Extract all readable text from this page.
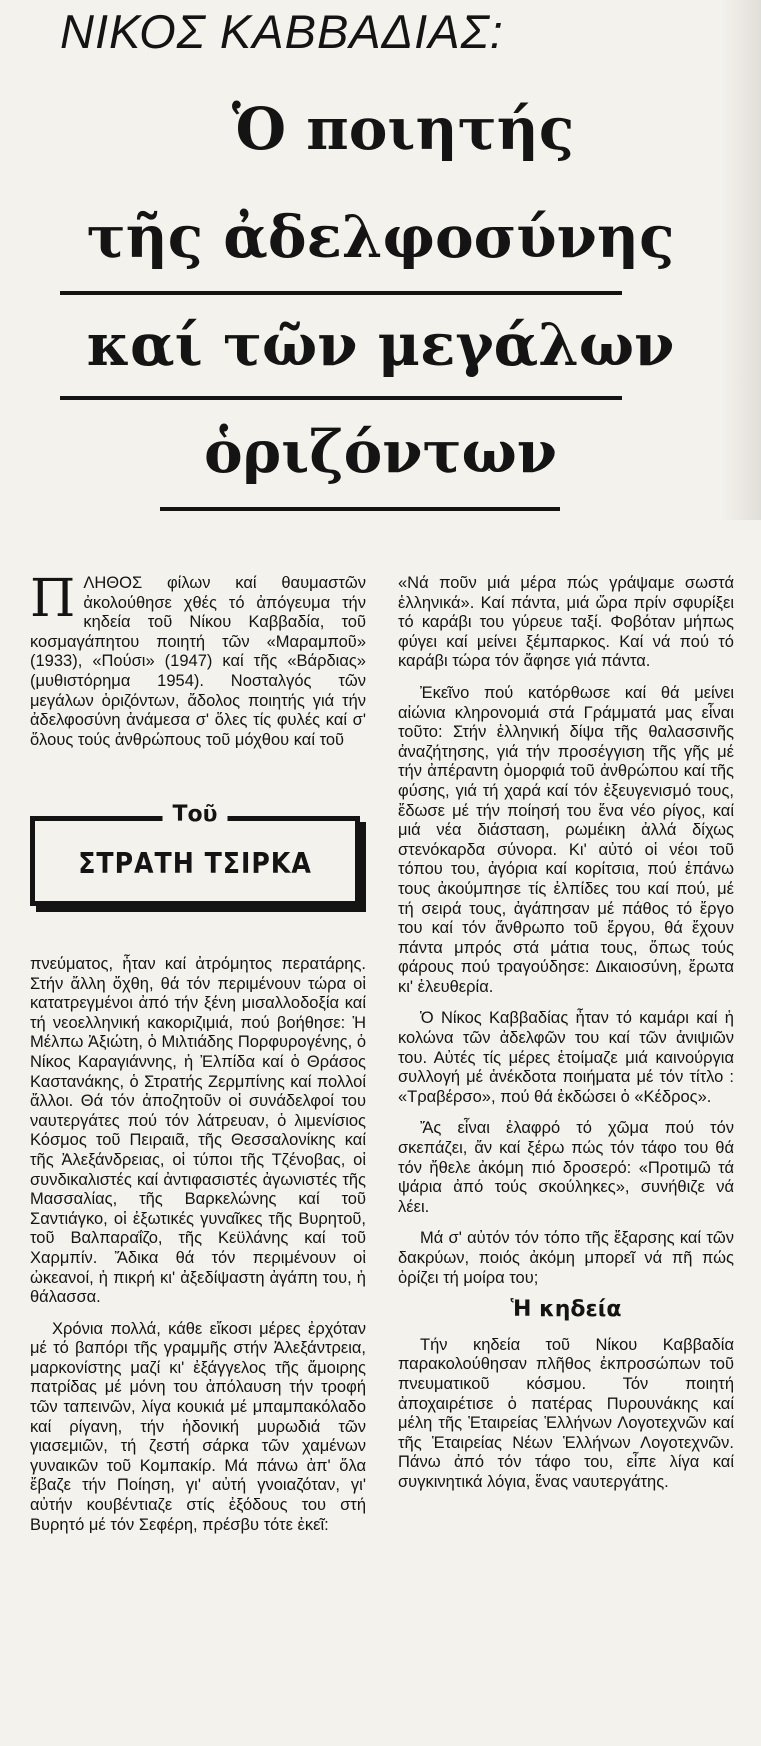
ΝΙΚΟΣ ΚΑΒΒΑΔΙΑΣ:
Ὁ ποιητής
τῆς ἀδελφοσύνης
καί τῶν μεγάλων
ὁριζόντων

ΠΛΗΘΟΣ φίλων καί θαυμαστῶν ἀκολούθησε χθές τό ἀπόγευμα τήν κηδεία τοῦ Νίκου Καββαδία, τοῦ κοσμαγάπητου ποιητή τῶν «Μαραμποῦ» (1933), «Πούσι» (1947) καί τῆς «Βάρδιας» (μυθιστόρημα 1954). Νοσταλγός τῶν μεγάλων ὁριζόντων, ἄδολος ποιητής γιά τήν ἀδελφοσύνη ἀνάμεσα σ' ὅλες τίς φυλές καί σ' ὅλους τούς ἀνθρώπους τοῦ μόχθου καί τοῦ

Τοῦ
ΣΤΡΑΤΗ ΤΣΙΡΚΑ

πνεύματος, ἦταν καί ἀτρόμητος περατάρης. Στήν ἄλλη ὄχθη, θά τόν περιμένουν τώρα οἱ κατατρεγμένοι ἀπό τήν ξένη μισαλλοδοξία καί τή νεοελληνική κακοριζιμιά, πού βοήθησε: Ἡ Μέλπω Ἀξιώτη, ὁ Μιλτιάδης Πορφυρογένης, ὁ Νίκος Καραγιάννης, ἡ Ἐλπίδα καί ὁ Θράσος Καστανάκης, ὁ Στρατής Ζερμπίνης καί πολλοί ἄλλοι. Θά τόν ἀποζητοῦν οἱ συνάδελφοί του ναυτεργάτες πού τόν λάτρευαν, ὁ λιμενίσιος Κόσμος τοῦ Πειραιᾶ, τῆς Θεσσαλονίκης καί τῆς Ἀλεξάνδρειας, οἱ τύποι τῆς Τζένοβας, οἱ συνδικαλιστές καί ἀντιφασιστές ἀγωνιστές τῆς Μασσαλίας, τῆς Βαρκελώνης καί τοῦ Σαντιάγκο, οἱ ἐξωτικές γυναῖκες τῆς Βυρητοῦ, τοῦ Βαλπαραΐζο, τῆς Κεϋλάνης καί τοῦ Χαρμπίν. Ἄδικα θά τόν περιμένουν οἱ ὠκεανοί, ἡ πικρή κι' ἀξεδίψαστη ἀγάπη του, ἡ θάλασσα.

Χρόνια πολλά, κάθε εἴκοσι μέρες ἐρχόταν μέ τό βαπόρι τῆς γραμμῆς στήν Ἀλεξάντρεια, μαρκονίστης μαζί κι' ἐξάγγελος τῆς ἄμοιρης πατρίδας μέ μόνη του ἀπόλαυση τήν τροφή τῶν ταπεινῶν, λίγα κουκιά μέ μπαμπακόλαδο καί ρίγανη, τήν ἡδονική μυρωδιά τῶν γιασεμιῶν, τή ζεστή σάρκα τῶν χαμένων γυναικῶν τοῦ Κομπακίρ. Μά πάνω ἀπ' ὅλα ἔβαζε τήν Ποίηση, γι' αὐτή γνοιαζόταν, γι' αὐτήν κουβέντιαζε στίς ἐξόδους του στή Βυρητό μέ τόν Σεφέρη, πρέσβυ τότε ἐκεῖ:

«Νά ποῦν μιά μέρα πώς γράψαμε σωστά ἑλληνικά». Καί πάντα, μιά ὥρα πρίν σφυρίξει τό καράβι του γύρευε ταξί. Φοβόταν μήπως φύγει καί μείνει ξέμπαρκος. Καί νά πού τό καράβι τώρα τόν ἄφησε γιά πάντα.

Ἐκεῖνο πού κατόρθωσε καί θά μείνει αἰώνια κληρονομιά στά Γράμματά μας εἶναι τοῦτο: Στήν ἑλληνική δίψα τῆς θαλασσινῆς ἀναζήτησης, γιά τήν προσέγγιση τῆς γῆς μέ τήν ἀπέραντη ὀμορφιά τοῦ ἀνθρώπου καί τῆς φύσης, γιά τή χαρά καί τόν ἐξευγενισμό τους, ἔδωσε μέ τήν ποίησή του ἕνα νέο ρίγος, καί μιά νέα διάσταση, ρωμέικη ἀλλά δίχως στενόκαρδα σύνορα. Κι' αὐτό οἱ νέοι τοῦ τόπου του, ἀγόρια καί κορίτσια, πού ἐπάνω τους ἀκούμπησε τίς ἐλπίδες του καί πού, μέ τή σειρά τους, ἀγάπησαν μέ πάθος τό ἔργο του καί τόν ἄνθρωπο τοῦ ἔργου, θά ἔχουν πάντα μπρός στά μάτια τους, ὅπως τούς φάρους πού τραγούδησε: Δικαιοσύνη, ἔρωτα κι' ἐλευθερία.

Ὁ Νίκος Καββαδίας ἦταν τό καμάρι καί ἡ κολώνα τῶν ἀδελφῶν του καί τῶν ἀνιψιῶν του. Αὐτές τίς μέρες ἑτοίμαζε μιά καινούργια συλλογή μέ ἀνέκδοτα ποιήματα μέ τόν τίτλο : «Τραβέρσο», πού θά ἐκδώσει ὁ «Κέδρος».

Ἄς εἶναι ἐλαφρό τό χῶμα πού τόν σκεπάζει, ἄν καί ξέρω πώς τόν τάφο του θά τόν ἤθελε ἀκόμη πιό δροσερό: «Προτιμῶ τά ψάρια ἀπό τούς σκούληκες», συνήθιζε νά λέει.

Μά σ' αὐτόν τόν τόπο τῆς ἔξαρσης καί τῶν δακρύων, ποιός ἀκόμη μπορεῖ νά πῆ πώς ὁρίζει τή μοίρα του;

Ἡ κηδεία

Τήν κηδεία τοῦ Νίκου Καββαδία παρακολούθησαν πλῆθος ἐκπροσώπων τοῦ πνευματικοῦ κόσμου. Τόν ποιητή ἀποχαιρέτισε ὁ πατέρας Πυρουνάκης καί μέλη τῆς Ἑταιρείας Ἑλλήνων Λογοτεχνῶν καί τῆς Ἑταιρείας Νέων Ἑλλήνων Λογοτεχνῶν. Πάνω ἀπό τόν τάφο του, εἶπε λίγα καί συγκινητικά λόγια, ἕνας ναυτεργάτης.
